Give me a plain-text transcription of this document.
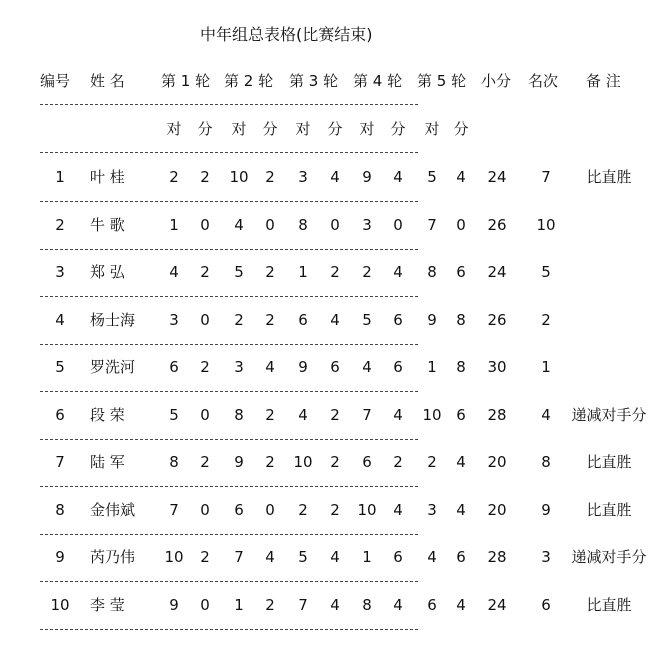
中年组总表格(比赛结束)
编号 姓 名 第 1 轮 第 2 轮 第 3 轮 第 4 轮 第 5 轮 小分 名次 备 注
对 分 对 分 对 分 对 分 对 分
1 叶 桂	2 2 10 2 3 4 9 4 5 4 24 7 比直胜
2 牛 歌	1 0 4 0 8 0 3 0 7 0 26 10
3 郑 弘	4 2 5 2 1 2 2 4 8 6 24 5
4 杨士海 3 0 2 2 6 4 5 6 9 8 26 2
5 罗洗河 6 2 3 4 9 6 4 6 1 8 30 1
6 段 荣	5 0 8 2 4 2 7 4 10 6 28 4 递减对手分
7 陆 军	8 2 9 2 10 2 6 2 2 4 20 8 比直胜
8 金伟斌 7 0 6 0 2 2 10 4 3 4 20 9 比直胜
9 芮乃伟 10 2 7 4 5 4 1 6 4 6 28 3 递减对手分
10 李 莹	9 0 1 2 7 4 8 4 6 4 24 6 比直胜
